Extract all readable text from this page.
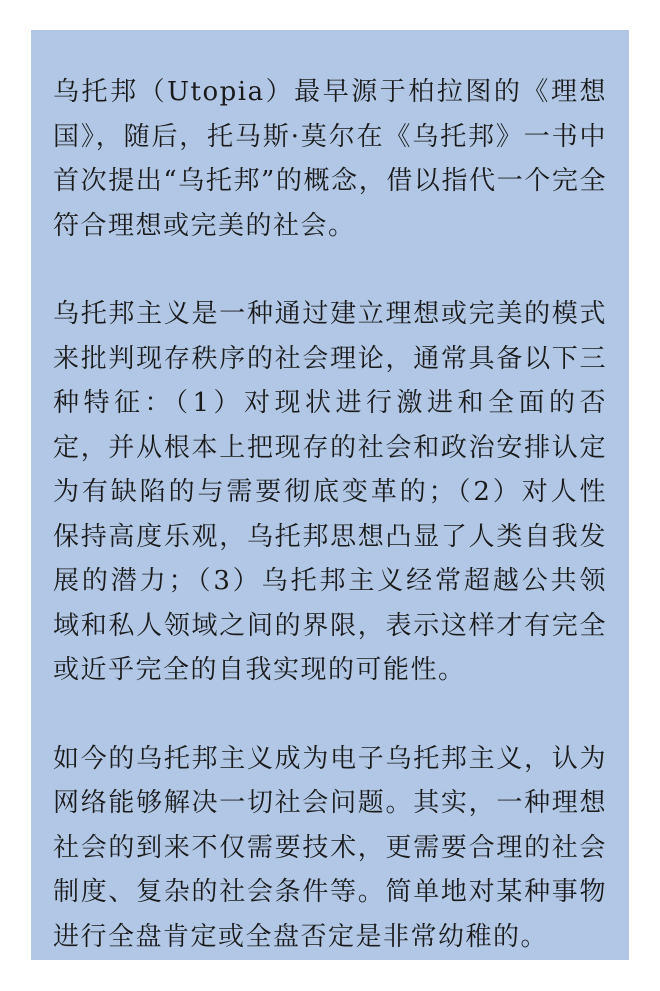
乌托邦（Utopia）最早源于柏拉图的《理想国》，随后，托马斯·莫尔在《乌托邦》一书中首次提出“乌托邦”的概念，借以指代一个完全符合理想或完美的社会。

乌托邦主义是一种通过建立理想或完美的模式来批判现存秩序的社会理论，通常具备以下三种特征：（1）对现状进行激进和全面的否定，并从根本上把现存的社会和政治安排认定为有缺陷的与需要彻底变革的；（2）对人性保持高度乐观，乌托邦思想凸显了人类自我发展的潜力；（3）乌托邦主义经常超越公共领域和私人领域之间的界限，表示这样才有完全或近乎完全的自我实现的可能性。

如今的乌托邦主义成为电子乌托邦主义，认为网络能够解决一切社会问题。其实，一种理想社会的到来不仅需要技术，更需要合理的社会制度、复杂的社会条件等。简单地对某种事物进行全盘肯定或全盘否定是非常幼稚的。
